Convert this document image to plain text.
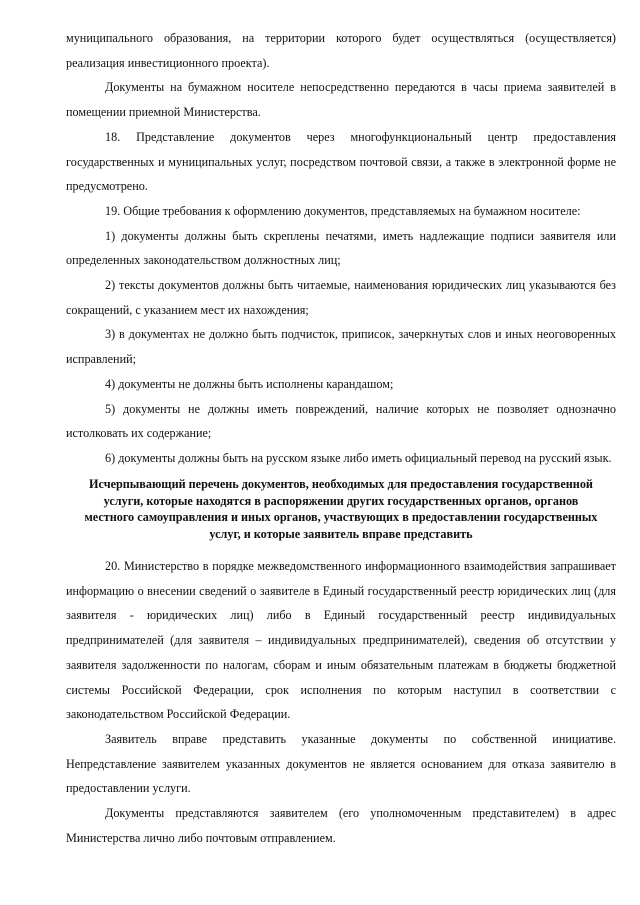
муниципального образования, на территории которого будет осуществляться (осуществляется) реализация инвестиционного проекта).

Документы на бумажном носителе непосредственно передаются в часы приема заявителей в помещении приемной Министерства.

18. Представление документов через многофункциональный центр предоставления государственных и муниципальных услуг, посредством почтовой связи, а также в электронной форме не предусмотрено.

19. Общие требования к оформлению документов, представляемых на бумажном носителе:

1) документы должны быть скреплены печатями, иметь надлежащие подписи заявителя или определенных законодательством должностных лиц;

2) тексты документов должны быть читаемые, наименования юридических лиц указываются без сокращений, с указанием мест их нахождения;

3) в документах не должно быть подчисток, приписок, зачеркнутых слов и иных неоговоренных исправлений;

4) документы не должны быть исполнены карандашом;

5) документы не должны иметь повреждений, наличие которых не позволяет однозначно истолковать их содержание;

6) документы должны быть на русском языке либо иметь официальный перевод на русский язык.

Исчерпывающий перечень документов, необходимых для предоставления государственной
услуги, которые находятся в распоряжении других государственных органов, органов
местного самоуправления и иных органов, участвующих в предоставлении государственных
услуг, и которые заявитель вправе представить

20. Министерство в порядке межведомственного информационного взаимодействия запрашивает информацию о внесении сведений о заявителе в Единый государственный реестр юридических лиц (для заявителя - юридических лиц) либо в Единый государственный реестр индивидуальных предпринимателей (для заявителя – индивидуальных предпринимателей), сведения об отсутствии у заявителя задолженности по налогам, сборам и иным обязательным платежам в бюджеты бюджетной системы Российской Федерации, срок исполнения по которым наступил в соответствии с законодательством Российской Федерации.

Заявитель вправе представить указанные документы по собственной инициативе. Непредставление заявителем указанных документов не является основанием для отказа заявителю в предоставлении услуги.

Документы представляются заявителем (его уполномоченным представителем) в адрес Министерства лично либо почтовым отправлением.
